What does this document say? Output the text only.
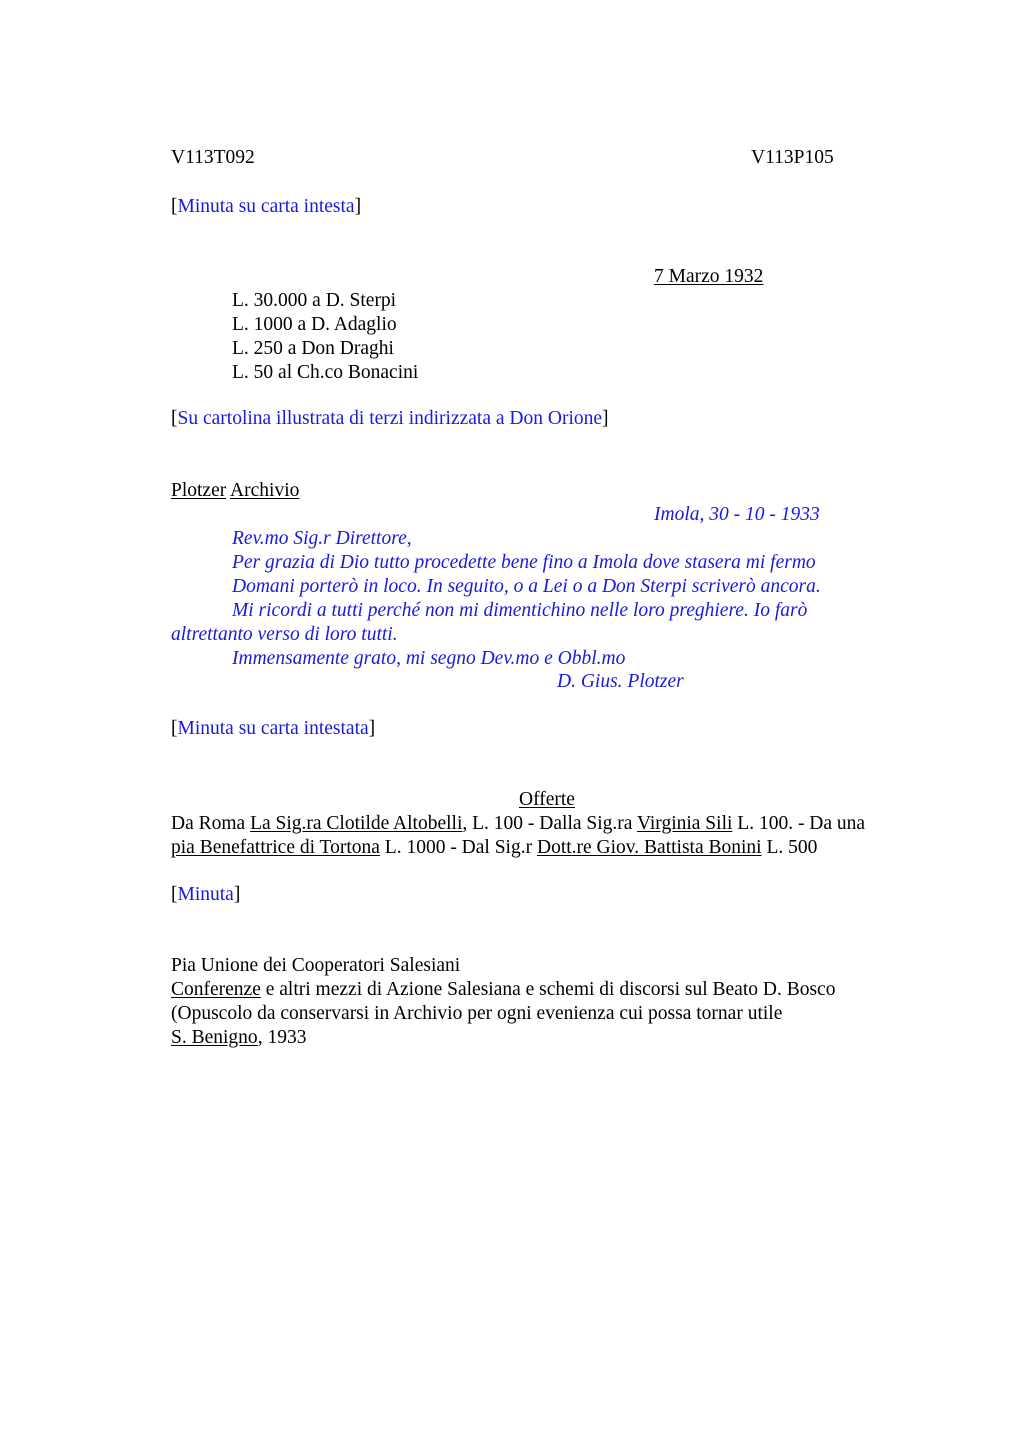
V113T092	V113P105
[Minuta su carta intesta]
7 Marzo 1932
L. 30.000 a D. Sterpi
L. 1000 a D. Adaglio
L. 250 a Don Draghi
L. 50 al Ch.co Bonacini
[Su cartolina illustrata di terzi indirizzata a Don Orione]
Plotzer Archivio
Imola, 30 - 10 - 1933
Rev.mo Sig.r Direttore,
Per grazia di Dio tutto procedette bene fino a Imola dove stasera mi fermo
Domani porterò in loco. In seguito, o a Lei o a Don Sterpi scriverò ancora.
Mi ricordi a tutti perché non mi dimentichino nelle loro preghiere. Io farò
altrettanto verso di loro tutti.
Immensamente grato, mi segno Dev.mo e Obbl.mo
D. Gius. Plotzer
[Minuta su carta intestata]
Offerte
Da Roma La Sig.ra Clotilde Altobelli, L. 100 - Dalla Sig.ra Virginia Sili L. 100. - Da una
pia Benefattrice di Tortona L. 1000 - Dal Sig.r Dott.re Giov. Battista Bonini L. 500
[Minuta]
Pia Unione dei Cooperatori Salesiani
Conferenze e altri mezzi di Azione Salesiana e schemi di discorsi sul Beato D. Bosco
(Opuscolo da conservarsi in Archivio per ogni evenienza cui possa tornar utile
S. Benigno, 1933
